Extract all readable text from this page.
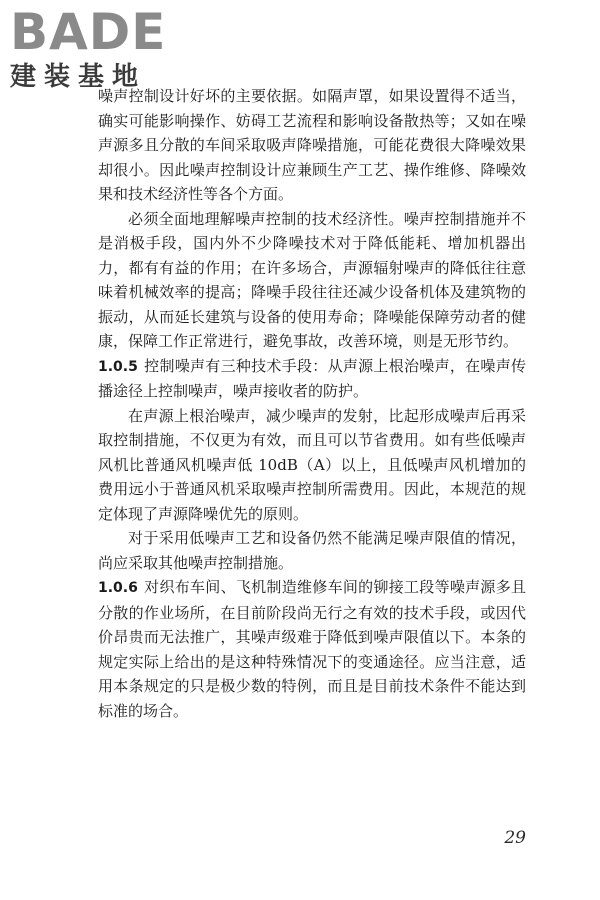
BADE
建装基地

噪声控制设计好坏的主要依据。如隔声罩，如果设置得不适当，确实可能影响操作、妨碍工艺流程和影响设备散热等；又如在噪声源多且分散的车间采取吸声降噪措施，可能花费很大降噪效果却很小。因此噪声控制设计应兼顾生产工艺、操作维修、降噪效果和技术经济性等各个方面。

必须全面地理解噪声控制的技术经济性。噪声控制措施并不是消极手段，国内外不少降噪技术对于降低能耗、增加机器出力，都有有益的作用；在许多场合，声源辐射噪声的降低往往意味着机械效率的提高；降噪手段往往还减少设备机体及建筑物的振动，从而延长建筑与设备的使用寿命；降噪能保障劳动者的健康，保障工作正常进行，避免事故，改善环境，则是无形节约。

1.0.5 控制噪声有三种技术手段：从声源上根治噪声，在噪声传播途径上控制噪声，噪声接收者的防护。

在声源上根治噪声，减少噪声的发射，比起形成噪声后再采取控制措施，不仅更为有效，而且可以节省费用。如有些低噪声风机比普通风机噪声低 10dB（A）以上，且低噪声风机增加的费用远小于普通风机采取噪声控制所需费用。因此，本规范的规定体现了声源降噪优先的原则。

对于采用低噪声工艺和设备仍然不能满足噪声限值的情况，尚应采取其他噪声控制措施。

1.0.6 对织布车间、飞机制造维修车间的铆接工段等噪声源多且分散的作业场所，在目前阶段尚无行之有效的技术手段，或因代价昂贵而无法推广，其噪声级难于降低到噪声限值以下。本条的规定实际上给出的是这种特殊情况下的变通途径。应当注意，适用本条规定的只是极少数的特例，而且是目前技术条件不能达到标准的场合。

29
